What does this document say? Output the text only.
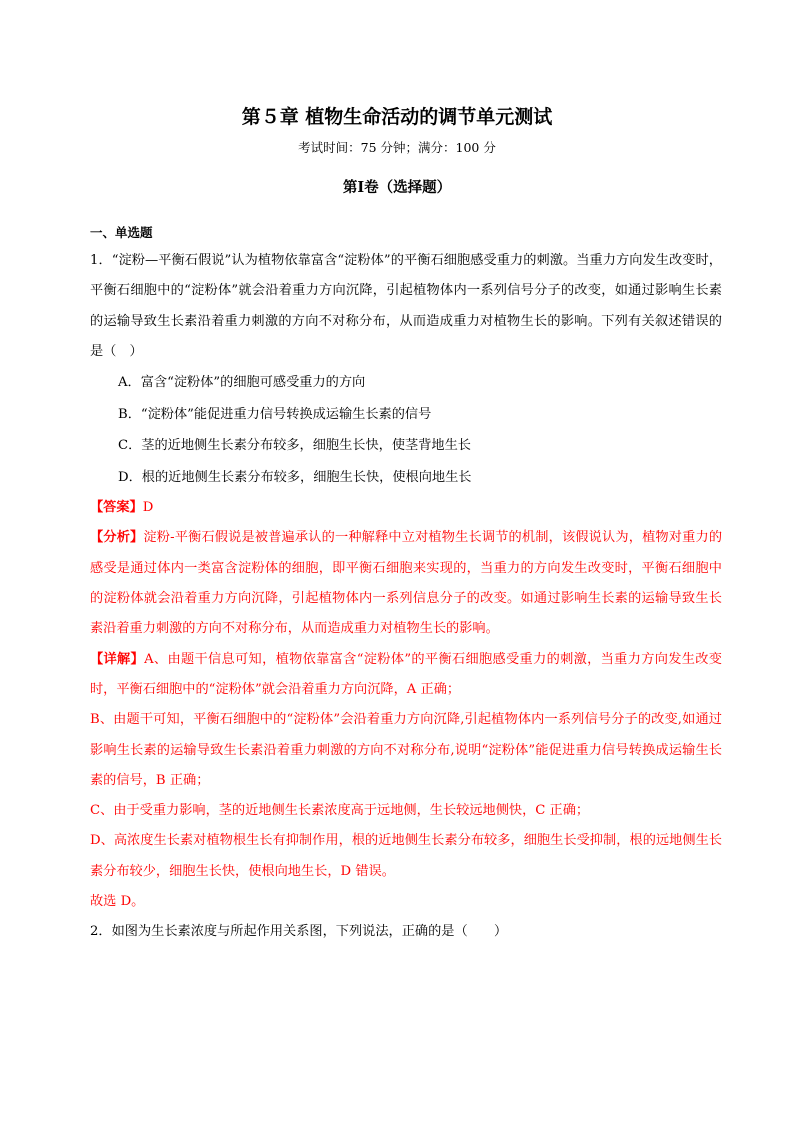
第５章 植物生命活动的调节单元测试
考试时间：75 分钟；满分：100 分
第Ⅰ卷（选择题）
一、单选题

1．“淀粉—平衡石假说”认为植物依靠富含“淀粉体”的平衡石细胞感受重力的刺激。当重力方向发生改变时，平衡石细胞中的“淀粉体”就会沿着重力方向沉降，引起植物体内一系列信号分子的改变，如通过影响生长素的运输导致生长素沿着重力刺激的方向不对称分布，从而造成重力对植物生长的影响。下列有关叙述错误的是（　）

A．富含“淀粉体”的细胞可感受重力的方向

B．“淀粉体”能促进重力信号转换成运输生长素的信号

C．茎的近地侧生长素分布较多，细胞生长快，使茎背地生长

D．根的近地侧生长素分布较多，细胞生长快，使根向地生长

【答案】D

【分析】淀粉-平衡石假说是被普遍承认的一种解释中立对植物生长调节的机制，该假说认为，植物对重力的感受是通过体内一类富含淀粉体的细胞，即平衡石细胞来实现的，当重力的方向发生改变时，平衡石细胞中的淀粉体就会沿着重力方向沉降，引起植物体内一系列信息分子的改变。如通过影响生长素的运输导致生长素沿着重力刺激的方向不对称分布，从而造成重力对植物生长的影响。

【详解】A、由题干信息可知，植物依靠富含“淀粉体”的平衡石细胞感受重力的刺激，当重力方向发生改变时，平衡石细胞中的“淀粉体”就会沿着重力方向沉降，A 正确；

B、由题干可知，平衡石细胞中的“淀粉体”会沿着重力方向沉降,引起植物体内一系列信号分子的改变,如通过影响生长素的运输导致生长素沿着重力刺激的方向不对称分布,说明“淀粉体”能促进重力信号转换成运输生长素的信号，B 正确；

C、由于受重力影响，茎的近地侧生长素浓度高于远地侧，生长较远地侧快，C 正确；

D、高浓度生长素对植物根生长有抑制作用，根的近地侧生长素分布较多，细胞生长受抑制，根的远地侧生长素分布较少，细胞生长快，使根向地生长，D 错误。

故选 D。

2．如图为生长素浓度与所起作用关系图，下列说法，正确的是（　　）
